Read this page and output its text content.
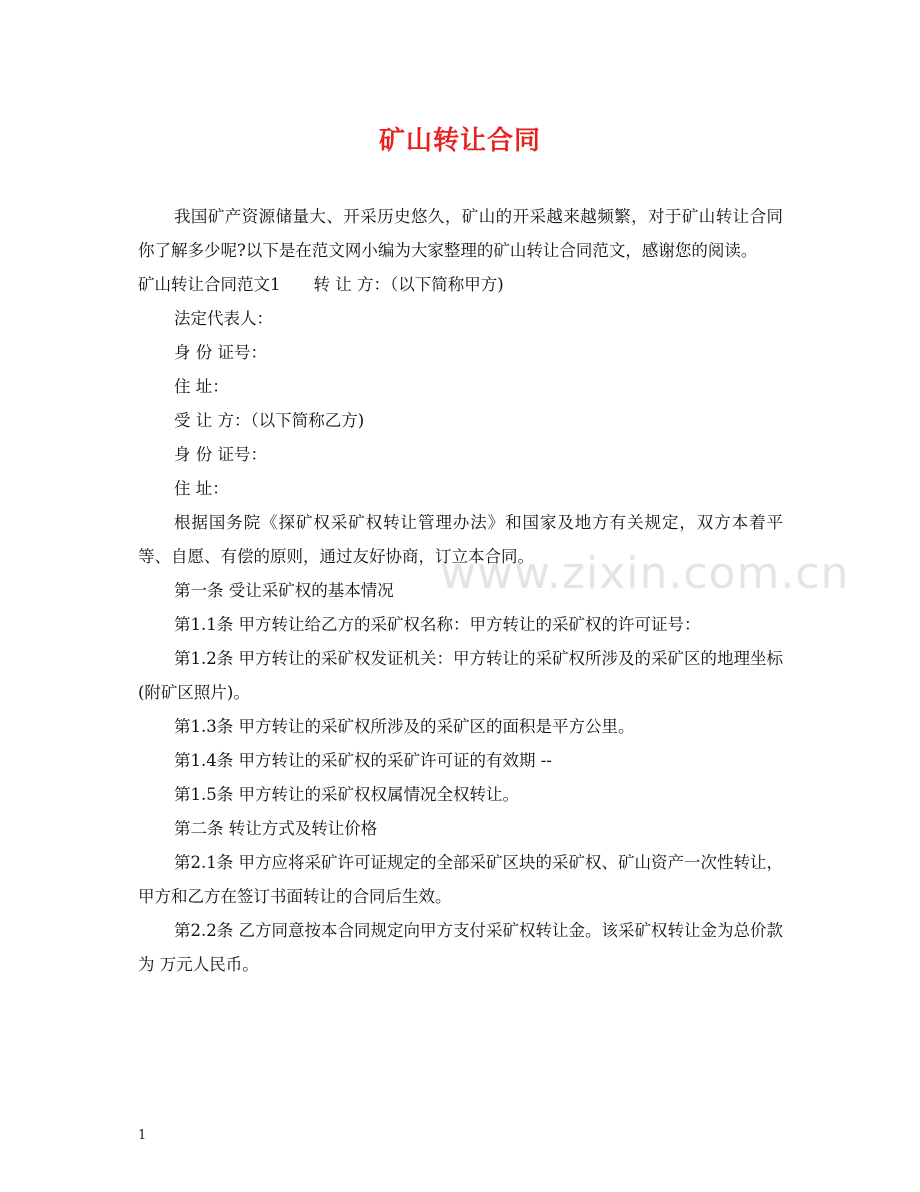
矿山转让合同

我国矿产资源储量大、开采历史悠久，矿山的开采越来越频繁，对于矿山转让合同你了解多少呢?以下是在范文网小编为大家整理的矿山转让合同范文，感谢您的阅读。

矿山转让合同范文1　　转 让 方：（以下简称甲方)

法定代表人：

身 份 证号：

住 址：

受 让 方：（以下简称乙方)

身 份 证号：

住 址：

根据国务院《探矿权采矿权转让管理办法》和国家及地方有关规定，双方本着平等、自愿、有偿的原则，通过友好协商，订立本合同。

第一条 受让采矿权的基本情况

第1.1条 甲方转让给乙方的采矿权名称：甲方转让的采矿权的许可证号：

第1.2条 甲方转让的采矿权发证机关：甲方转让的采矿权所涉及的采矿区的地理坐标(附矿区照片)。

第1.3条 甲方转让的采矿权所涉及的采矿区的面积是平方公里。

第1.4条 甲方转让的采矿权的采矿许可证的有效期 --

第1.5条 甲方转让的采矿权权属情况全权转让。

第二条 转让方式及转让价格

第2.1条 甲方应将采矿许可证规定的全部采矿区块的采矿权、矿山资产一次性转让，甲方和乙方在签订书面转让的合同后生效。

第2.2条 乙方同意按本合同规定向甲方支付采矿权转让金。该采矿权转让金为总价款为 万元人民币。

www.zixin.com.cn
1
